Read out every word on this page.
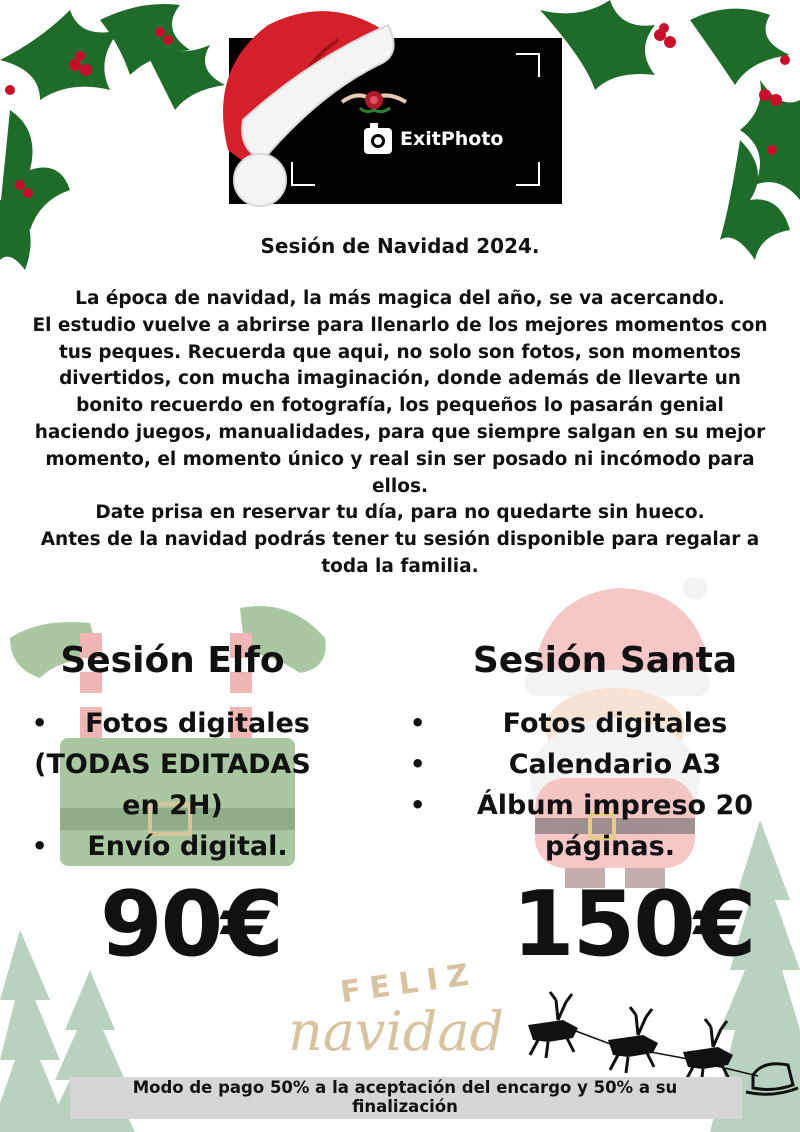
ExitPhoto
Sesión de Navidad 2024.
La época de navidad, la más magica del año, se va acercando.
El estudio vuelve a abrirse para llenarlo de los mejores momentos con
tus peques. Recuerda que aqui, no solo son fotos, son momentos
divertidos, con mucha imaginación, donde además de llevarte un
bonito recuerdo en fotografía, los pequeños lo pasarán genial
haciendo juegos, manualidades, para que siempre salgan en su mejor
momento, el momento único y real sin ser posado ni incómodo para
ellos.
Date prisa en reservar tu día, para no quedarte sin hueco.
Antes de la navidad podrás tener tu sesión disponible para regalar a
toda la familia.
Sesión Elfo
• Fotos digitales
(TODAS EDITADAS
en 2H)
• Envío digital.
90€
Sesión Santa
•	Fotos digitales
•	Calendario A3
• Álbum impreso 20
páginas.
150€
FELIZ
navidad
Modo de pago 50% a la aceptación del encargo y 50% a su
finalización
